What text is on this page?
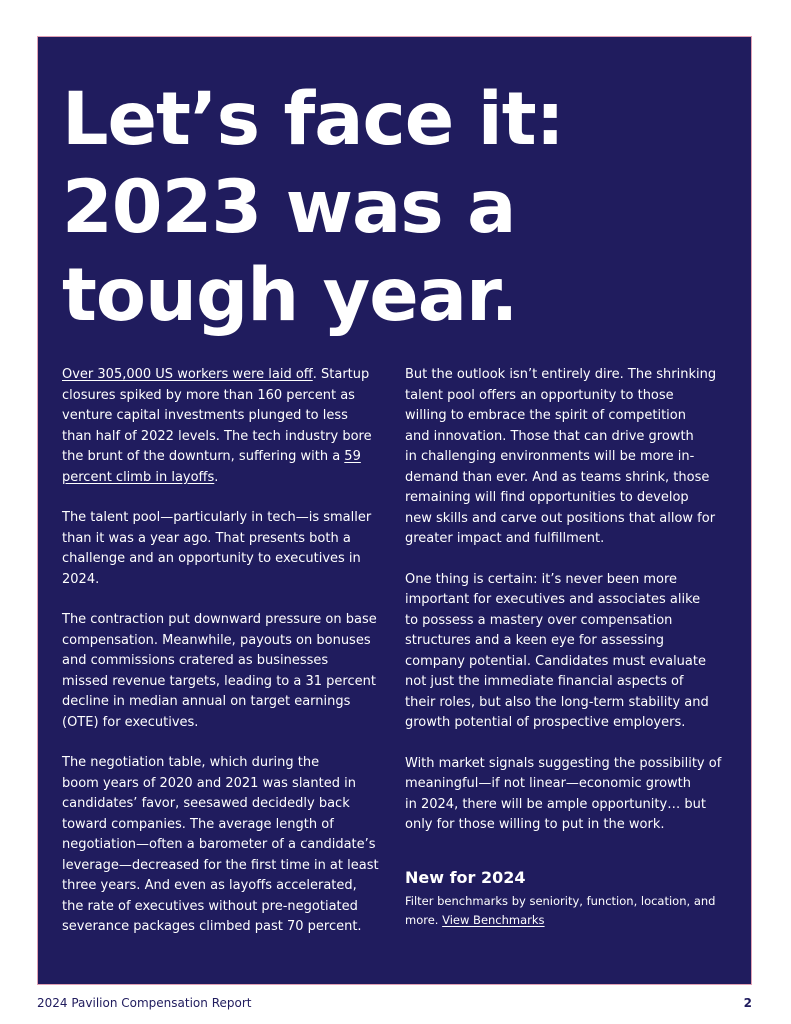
Let’s face it:
2023 was a
tough year.

Over 305,000 US workers were laid off. Startup
closures spiked by more than 160 percent as
venture capital investments plunged to less
than half of 2022 levels. The tech industry bore
the brunt of the downturn, suffering with a 59
percent climb in layoffs.

The talent pool—particularly in tech—is smaller
than it was a year ago. That presents both a
challenge and an opportunity to executives in
2024.

The contraction put downward pressure on base
compensation. Meanwhile, payouts on bonuses
and commissions cratered as businesses
missed revenue targets, leading to a 31 percent
decline in median annual on target earnings
(OTE) for executives.

The negotiation table, which during the
boom years of 2020 and 2021 was slanted in
candidates’ favor, seesawed decidedly back
toward companies. The average length of
negotiation—often a barometer of a candidate’s
leverage—decreased for the first time in at least
three years. And even as layoffs accelerated,
the rate of executives without pre-negotiated
severance packages climbed past 70 percent.

But the outlook isn’t entirely dire. The shrinking
talent pool offers an opportunity to those
willing to embrace the spirit of competition
and innovation. Those that can drive growth
in challenging environments will be more in-
demand than ever. And as teams shrink, those
remaining will find opportunities to develop
new skills and carve out positions that allow for
greater impact and fulfillment.

One thing is certain: it’s never been more
important for executives and associates alike
to possess a mastery over compensation
structures and a keen eye for assessing
company potential. Candidates must evaluate
not just the immediate financial aspects of
their roles, but also the long-term stability and
growth potential of prospective employers.

With market signals suggesting the possibility of
meaningful—if not linear—economic growth
in 2024, there will be ample opportunity… but
only for those willing to put in the work.

New for 2024

Filter benchmarks by seniority, function, location, and
more. View Benchmarks

2024 Pavilion Compensation Report	2
